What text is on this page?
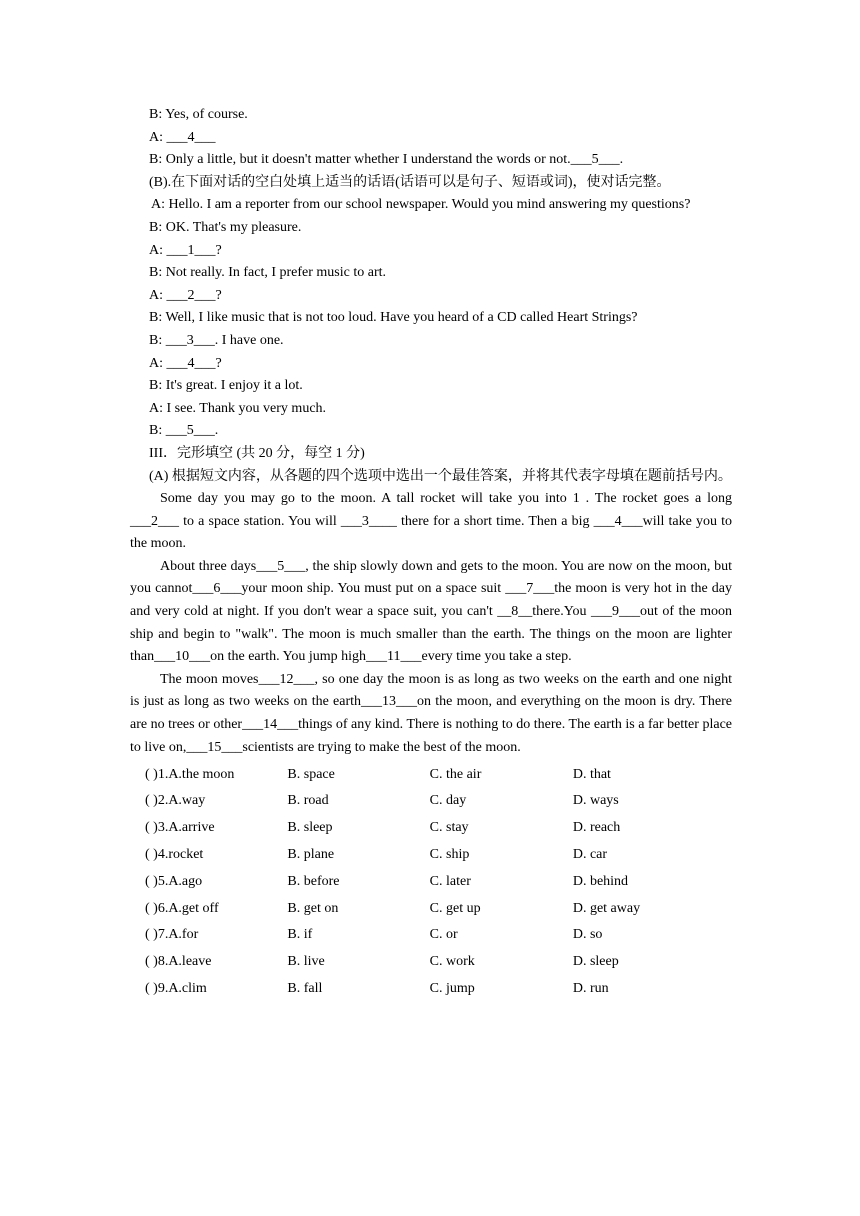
B: Yes, of course.

A: ___4___

B: Only a little, but it doesn't matter whether I understand the words or not.___5___.

(B).在下面对话的空白处填上适当的话语(话语可以是句子、短语或词)，使对话完整。

A: Hello. I am a reporter from our school newspaper. Would you mind answering my questions?

B: OK. That's my pleasure.

A: ___1___?

B: Not really. In fact, I prefer music to art.

A: ___2___?

B: Well, I like music that is not too loud. Have you heard of a CD called Heart Strings?

B: ___3___. I have one.

A: ___4___?

B: It's great. I enjoy it a lot.

A: I see. Thank you very much.

B: ___5___.

III．完形填空 (共 20 分，每空 1 分)

(A) 根据短文内容，从各题的四个选项中选出一个最佳答案，并将其代表字母填在题前括号内。

Some day you may go to the moon. A tall rocket will take you into 1 . The rocket goes a long ___2___ to a space station. You will ___3____ there for a short time. Then a big ___4___will take you to the moon.

About three days___5___, the ship slowly down and gets to the moon. You are now on the moon, but you cannot___6___your moon ship. You must put on a space suit ___7___the moon is very hot in the day and very cold at night. If you don't wear a space suit, you can't __8__there.You ___9___out of the moon ship and begin to "walk". The moon is much smaller than the earth. The things on the moon are lighter than___10___on the earth. You jump high___11___every time you take a step.

The moon moves___12___, so one day the moon is as long as two weeks on the earth and one night is just as long as two weeks on the earth___13___on the moon, and everything on the moon is dry. There are no trees or other___14___things of any kind. There is nothing to do there. The earth is a far better place to live on,___15___scientists are trying to make the best of the moon.

( )1.A.the moon	B. space	C. the air	D. that
( )2.A.way	B. road	C. day	D. ways
( )3.A.arrive	B. sleep	C. stay	D. reach
( )4.rocket	B. plane	C. ship	D. car
( )5.A.ago	B. before	C. later	D. behind
( )6.A.get off	B. get on	C. get up	D. get away
( )7.A.for	B. if	C. or	D. so
( )8.A.leave	B. live	C. work	D. sleep
( )9.A.clim	B. fall	C. jump	D. run
